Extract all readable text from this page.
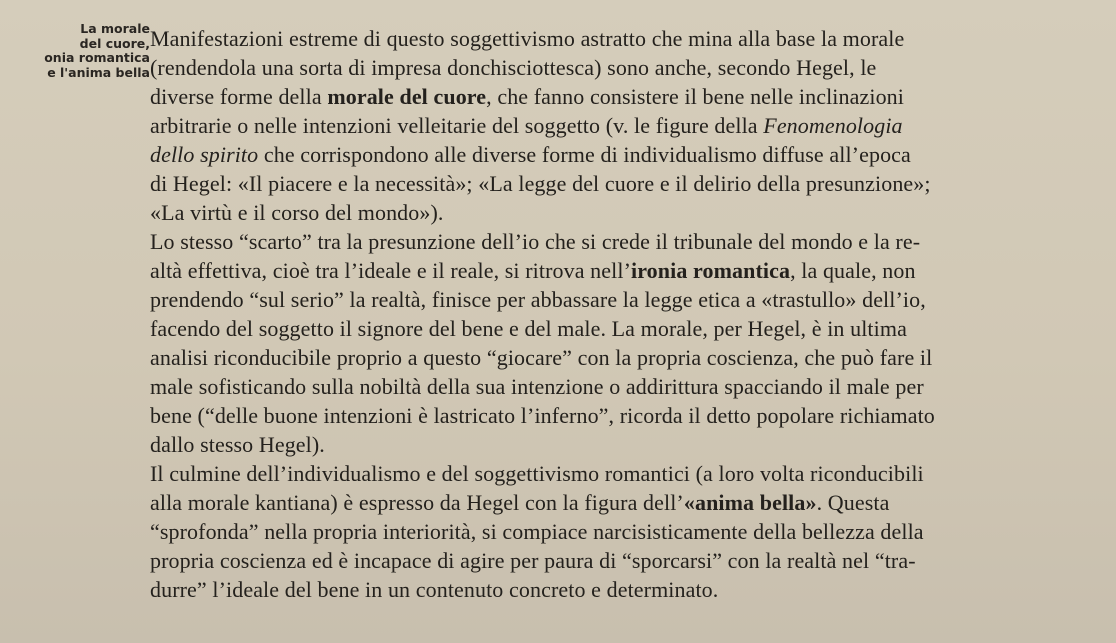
La morale
del cuore,
onia romantica
e l'anima bella
Manifestazioni estreme di questo soggettivismo astratto che mina alla base la morale
(rendendola una sorta di impresa donchisciottesca) sono anche, secondo Hegel, le
diverse forme della morale del cuore, che fanno consistere il bene nelle inclinazioni
arbitrarie o nelle intenzioni velleitarie del soggetto (v. le figure della Fenomenologia
dello spirito che corrispondono alle diverse forme di individualismo diffuse all’epoca
di Hegel: «Il piacere e la necessità»; «La legge del cuore e il delirio della presunzione»;
«La virtù e il corso del mondo»).
Lo stesso “scarto” tra la presunzione dell’io che si crede il tribunale del mondo e la re-
altà effettiva, cioè tra l’ideale e il reale, si ritrova nell’ironia romantica, la quale, non
prendendo “sul serio” la realtà, finisce per abbassare la legge etica a «trastullo» dell’io,
facendo del soggetto il signore del bene e del male. La morale, per Hegel, è in ultima
analisi riconducibile proprio a questo “giocare” con la propria coscienza, che può fare il
male sofisticando sulla nobiltà della sua intenzione o addirittura spacciando il male per
bene (“delle buone intenzioni è lastricato l’inferno”, ricorda il detto popolare richiamato
dallo stesso Hegel).
Il culmine dell’individualismo e del soggettivismo romantici (a loro volta riconducibili
alla morale kantiana) è espresso da Hegel con la figura dell’«anima bella». Questa
“sprofonda” nella propria interiorità, si compiace narcisisticamente della bellezza della
propria coscienza ed è incapace di agire per paura di “sporcarsi” con la realtà nel “tra-
durre” l’ideale del bene in un contenuto concreto e determinato.
